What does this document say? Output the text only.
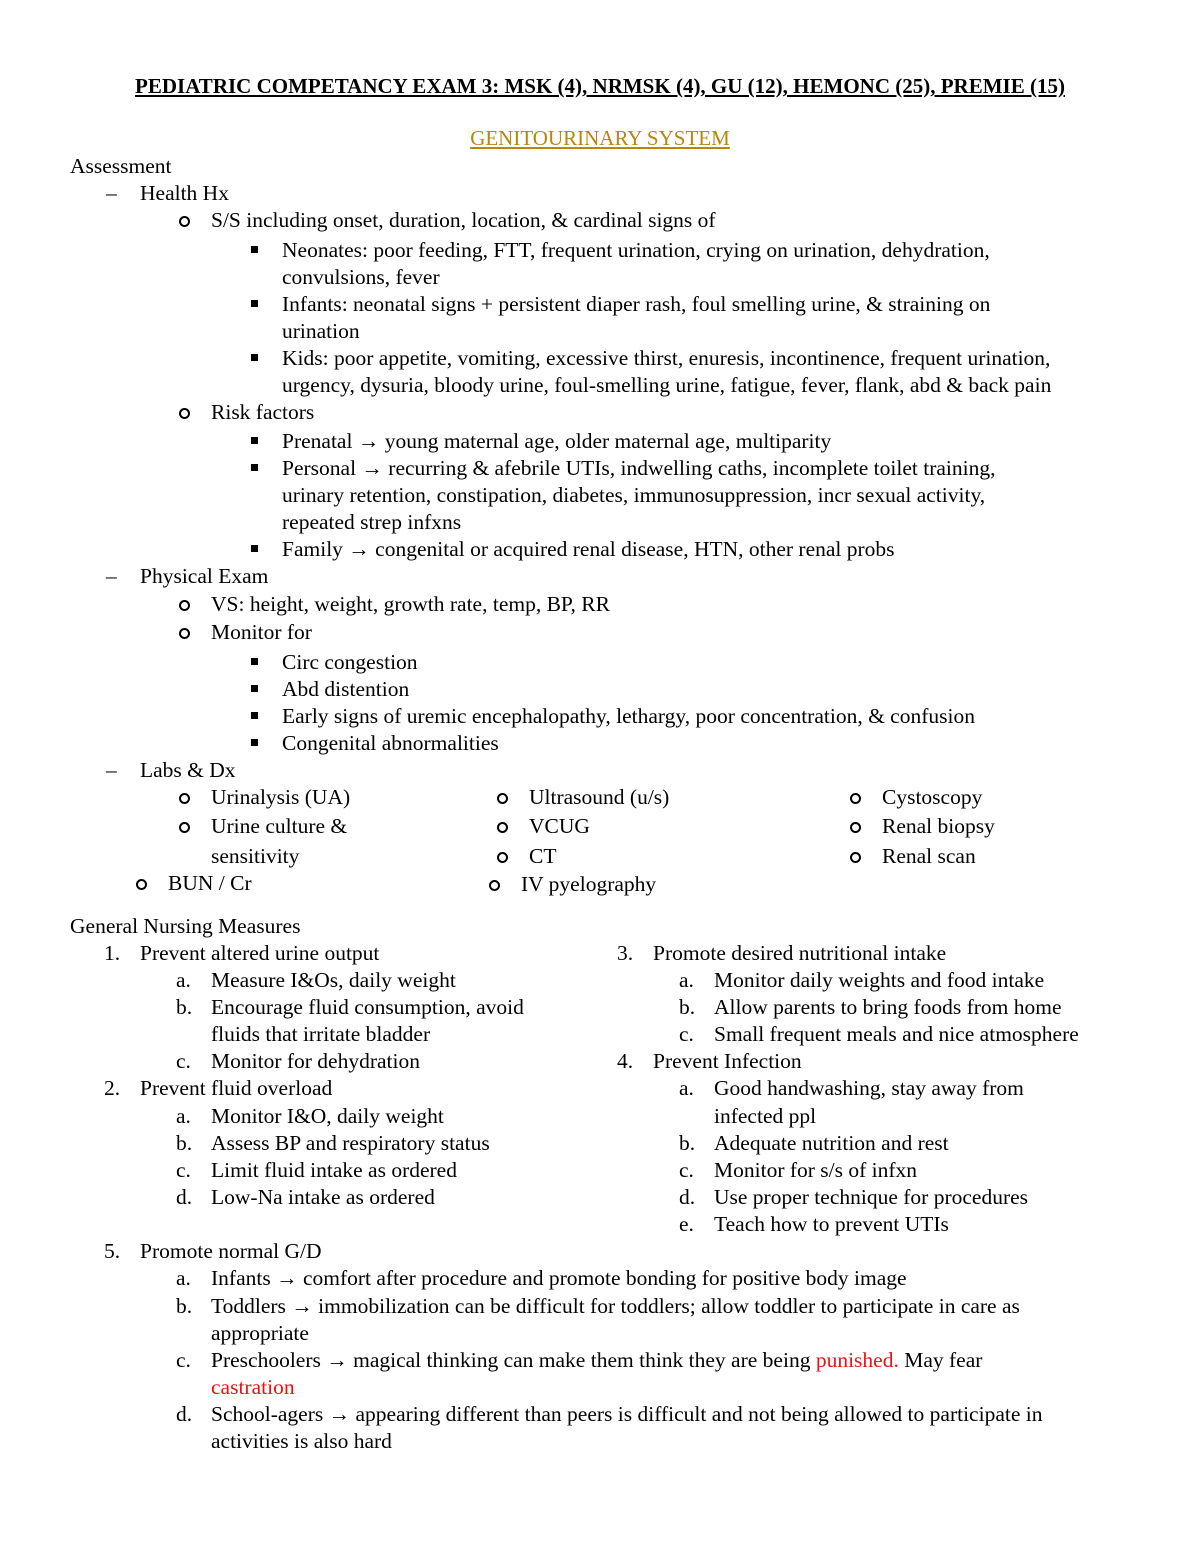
PEDIATRIC COMPETANCY EXAM 3: MSK (4), NRMSK (4), GU (12), HEMONC (25), PREMIE (15)
GENITOURINARY SYSTEM
Assessment
– Health Hx
S/S including onset, duration, location, & cardinal signs of
Neonates: poor feeding, FTT, frequent urination, crying on urination, dehydration,
convulsions, fever
Infants: neonatal signs + persistent diaper rash, foul smelling urine, & straining on
urination
Kids: poor appetite, vomiting, excessive thirst, enuresis, incontinence, frequent urination,
urgency, dysuria, bloody urine, foul-smelling urine, fatigue, fever, flank, abd & back pain
Risk factors
Prenatal → young maternal age, older maternal age, multiparity
Personal → recurring & afebrile UTIs, indwelling caths, incomplete toilet training,
urinary retention, constipation, diabetes, immunosuppression, incr sexual activity,
repeated strep infxns
Family → congenital or acquired renal disease, HTN, other renal probs
– Physical Exam
VS: height, weight, growth rate, temp, BP, RR
Monitor for
Circ congestion
Abd distention
Early signs of uremic encephalopathy, lethargy, poor concentration, & confusion
Congenital abnormalities
– Labs & Dx
Urinalysis (UA)
Urine culture &
sensitivity
Ultrasound (u/s)
VCUG
CT
Cystoscopy
Renal biopsy
Renal scan
BUN / Cr	IV pyelography
General Nursing Measures
1. Prevent altered urine output
a. Measure I&Os, daily weight
b. Encourage fluid consumption, avoid
fluids that irritate bladder
c. Monitor for dehydration
2. Prevent fluid overload
a. Monitor I&O, daily weight
b. Assess BP and respiratory status
c. Limit fluid intake as ordered
d. Low-Na intake as ordered
3. Promote desired nutritional intake
a. Monitor daily weights and food intake
b. Allow parents to bring foods from home
c. Small frequent meals and nice atmosphere
4. Prevent Infection
a. Good handwashing, stay away from
infected ppl
b. Adequate nutrition and rest
c. Monitor for s/s of infxn
d. Use proper technique for procedures
e. Teach how to prevent UTIs
5. Promote normal G/D
a. Infants → comfort after procedure and promote bonding for positive body image
b. Toddlers → immobilization can be difficult for toddlers; allow toddler to participate in care as
appropriate
c. Preschoolers → magical thinking can make them think they are being punished. May fear
castration
d. School-agers → appearing different than peers is difficult and not being allowed to participate in
activities is also hard
